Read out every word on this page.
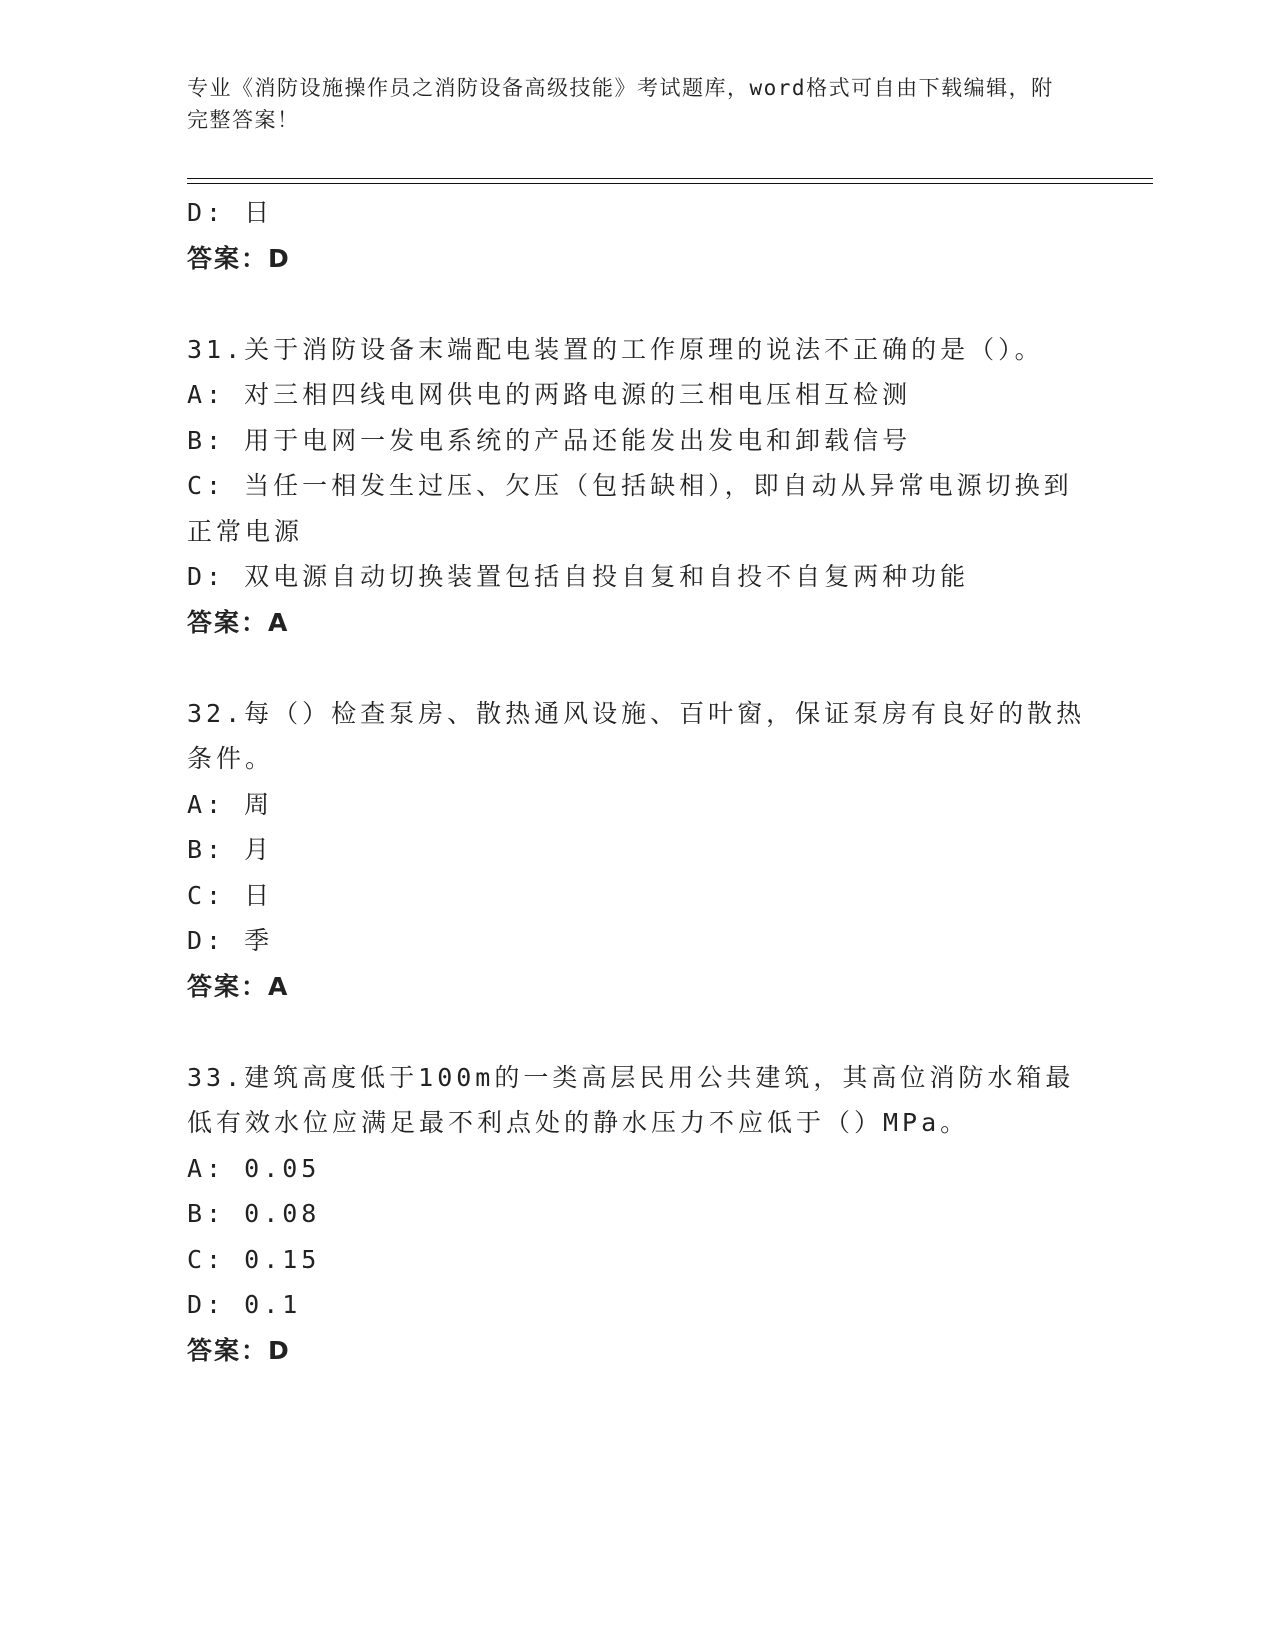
专业《消防设施操作员之消防设备高级技能》考试题库，word格式可自由下载编辑，附完整答案！
D: 日
答案：D
31.关于消防设备末端配电装置的工作原理的说法不正确的是（）。
A: 对三相四线电网供电的两路电源的三相电压相互检测
B: 用于电网一发电系统的产品还能发出发电和卸载信号
C: 当任一相发生过压、欠压（包括缺相），即自动从异常电源切换到正常电源
D: 双电源自动切换装置包括自投自复和自投不自复两种功能
答案：A
32.每（）检查泵房、散热通风设施、百叶窗，保证泵房有良好的散热条件。
A: 周
B: 月
C: 日
D: 季
答案：A
33.建筑高度低于100m的一类高层民用公共建筑，其高位消防水箱最低有效水位应满足最不利点处的静水压力不应低于（）MPa。
A: 0.05
B: 0.08
C: 0.15
D: 0.1
答案：D
